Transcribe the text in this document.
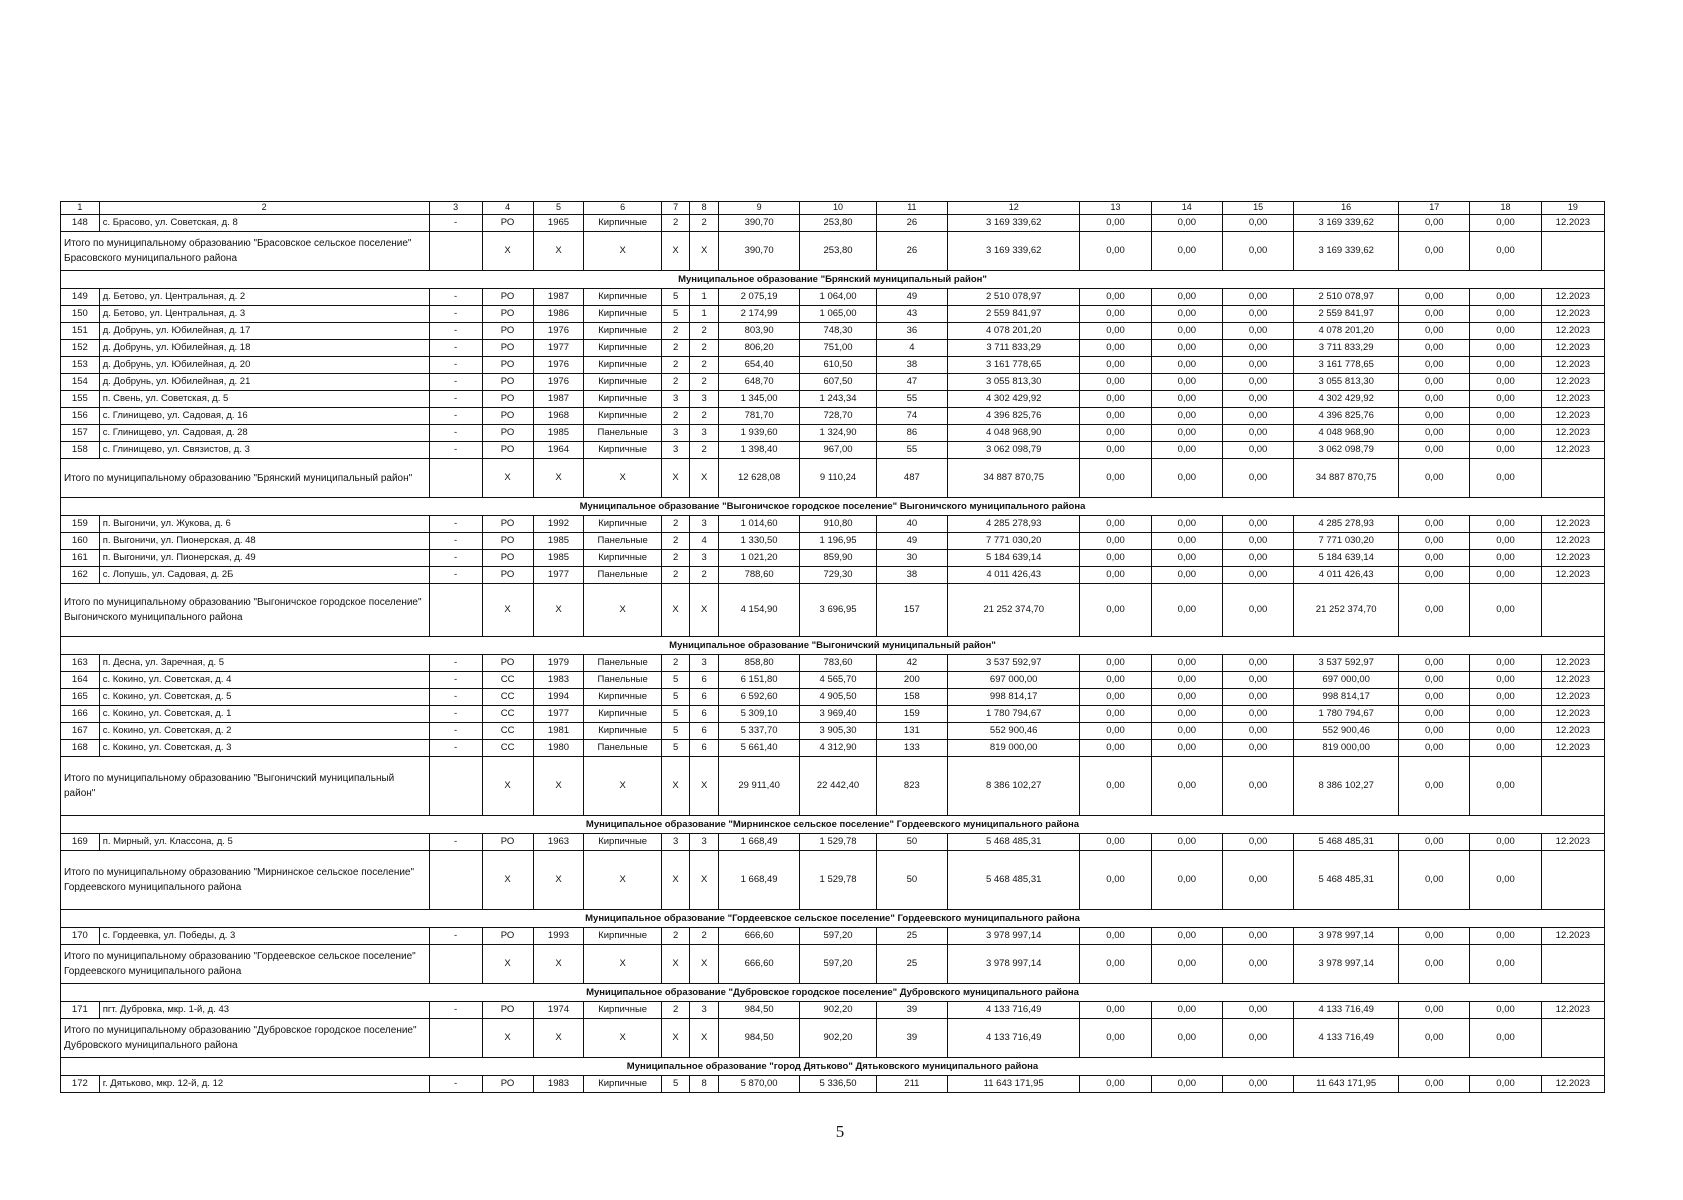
1	2	3	4	5	6	7	8	9	10	11	12	13	14	15	16	17	18	19
148	с. Брасово, ул. Советская, д. 8	-	РО	1965	Кирпичные	2	2	390,70	253,80	26	3 169 339,62	0,00	0,00	0,00	3 169 339,62	0,00	0,00	12.2023
Итого по муниципальному образованию "Брасовское сельское поселение" Брасовского муниципального района			Х	Х	Х	Х	Х	390,70	253,80	26	3 169 339,62	0,00	0,00	0,00	3 169 339,62	0,00	0,00	
Муниципальное образование "Брянский муниципальный район"																		
149	д. Бетово, ул. Центральная, д. 2	-	РО	1987	Кирпичные	5	1	2 075,19	1 064,00	49	2 510 078,97	0,00	0,00	0,00	2 510 078,97	0,00	0,00	12.2023
150	д. Бетово, ул. Центральная, д. 3	-	РО	1986	Кирпичные	5	1	2 174,99	1 065,00	43	2 559 841,97	0,00	0,00	0,00	2 559 841,97	0,00	0,00	12.2023
151	д. Добрунь, ул. Юбилейная, д. 17	-	РО	1976	Кирпичные	2	2	803,90	748,30	36	4 078 201,20	0,00	0,00	0,00	4 078 201,20	0,00	0,00	12.2023
152	д. Добрунь, ул. Юбилейная, д. 18	-	РО	1977	Кирпичные	2	2	806,20	751,00	4	3 711 833,29	0,00	0,00	0,00	3 711 833,29	0,00	0,00	12.2023
153	д. Добрунь, ул. Юбилейная, д. 20	-	РО	1976	Кирпичные	2	2	654,40	610,50	38	3 161 778,65	0,00	0,00	0,00	3 161 778,65	0,00	0,00	12.2023
154	д. Добрунь, ул. Юбилейная, д. 21	-	РО	1976	Кирпичные	2	2	648,70	607,50	47	3 055 813,30	0,00	0,00	0,00	3 055 813,30	0,00	0,00	12.2023
155	п. Свень, ул. Советская, д. 5	-	РО	1987	Кирпичные	3	3	1 345,00	1 243,34	55	4 302 429,92	0,00	0,00	0,00	4 302 429,92	0,00	0,00	12.2023
156	с. Глинищево, ул. Садовая, д. 16	-	РО	1968	Кирпичные	2	2	781,70	728,70	74	4 396 825,76	0,00	0,00	0,00	4 396 825,76	0,00	0,00	12.2023
157	с. Глинищево, ул. Садовая, д. 28	-	РО	1985	Панельные	3	3	1 939,60	1 324,90	86	4 048 968,90	0,00	0,00	0,00	4 048 968,90	0,00	0,00	12.2023
158	с. Глинищево, ул. Связистов, д. 3	-	РО	1964	Кирпичные	3	2	1 398,40	967,00	55	3 062 098,79	0,00	0,00	0,00	3 062 098,79	0,00	0,00	12.2023
Итого по муниципальному образованию "Брянский муниципальный район"			Х	Х	Х	Х	Х	12 628,08	9 110,24	487	34 887 870,75	0,00	0,00	0,00	34 887 870,75	0,00	0,00	
Муниципальное образование "Выгоничское городское поселение" Выгоничского муниципального района																		
159	п. Выгоничи, ул. Жукова, д. 6	-	РО	1992	Кирпичные	2	3	1 014,60	910,80	40	4 285 278,93	0,00	0,00	0,00	4 285 278,93	0,00	0,00	12.2023
160	п. Выгоничи, ул. Пионерская, д. 48	-	РО	1985	Панельные	2	4	1 330,50	1 196,95	49	7 771 030,20	0,00	0,00	0,00	7 771 030,20	0,00	0,00	12.2023
161	п. Выгоничи, ул. Пионерская, д. 49	-	РО	1985	Кирпичные	2	3	1 021,20	859,90	30	5 184 639,14	0,00	0,00	0,00	5 184 639,14	0,00	0,00	12.2023
162	с. Лопушь, ул. Садовая, д. 2Б	-	РО	1977	Панельные	2	2	788,60	729,30	38	4 011 426,43	0,00	0,00	0,00	4 011 426,43	0,00	0,00	12.2023
Итого по муниципальному образованию "Выгоничское городское поселение" Выгоничского муниципального района			Х	Х	Х	Х	Х	4 154,90	3 696,95	157	21 252 374,70	0,00	0,00	0,00	21 252 374,70	0,00	0,00	
Муниципальное образование "Выгоничский муниципальный район"																		
163	п. Десна, ул. Заречная, д. 5	-	РО	1979	Панельные	2	3	858,80	783,60	42	3 537 592,97	0,00	0,00	0,00	3 537 592,97	0,00	0,00	12.2023
164	с. Кокино, ул. Советская, д. 4	-	СС	1983	Панельные	5	6	6 151,80	4 565,70	200	697 000,00	0,00	0,00	0,00	697 000,00	0,00	0,00	12.2023
165	с. Кокино, ул. Советская, д. 5	-	СС	1994	Кирпичные	5	6	6 592,60	4 905,50	158	998 814,17	0,00	0,00	0,00	998 814,17	0,00	0,00	12.2023
166	с. Кокино, ул. Советская, д. 1	-	СС	1977	Кирпичные	5	6	5 309,10	3 969,40	159	1 780 794,67	0,00	0,00	0,00	1 780 794,67	0,00	0,00	12.2023
167	с. Кокино, ул. Советская, д. 2	-	СС	1981	Кирпичные	5	6	5 337,70	3 905,30	131	552 900,46	0,00	0,00	0,00	552 900,46	0,00	0,00	12.2023
168	с. Кокино, ул. Советская, д. 3	-	СС	1980	Панельные	5	6	5 661,40	4 312,90	133	819 000,00	0,00	0,00	0,00	819 000,00	0,00	0,00	12.2023
Итого по муниципальному образованию "Выгоничский муниципальный район"			Х	Х	Х	Х	Х	29 911,40	22 442,40	823	8 386 102,27	0,00	0,00	0,00	8 386 102,27	0,00	0,00	
Муниципальное образование "Мирнинское сельское поселение" Гордеевского муниципального района																		
169	п. Мирный, ул. Классона, д. 5	-	РО	1963	Кирпичные	3	3	1 668,49	1 529,78	50	5 468 485,31	0,00	0,00	0,00	5 468 485,31	0,00	0,00	12.2023
Итого по муниципальному образованию "Мирнинское сельское поселение" Гордеевского муниципального района			Х	Х	Х	Х	Х	1 668,49	1 529,78	50	5 468 485,31	0,00	0,00	0,00	5 468 485,31	0,00	0,00	
Муниципальное образование "Гордеевское сельское поселение" Гордеевского муниципального района																		
170	с. Гордеевка, ул. Победы, д. 3	-	РО	1993	Кирпичные	2	2	666,60	597,20	25	3 978 997,14	0,00	0,00	0,00	3 978 997,14	0,00	0,00	12.2023
Итого по муниципальному образованию "Гордеевское сельское поселение" Гордеевского муниципального района			Х	Х	Х	Х	Х	666,60	597,20	25	3 978 997,14	0,00	0,00	0,00	3 978 997,14	0,00	0,00	
Муниципальное образование "Дубровское городское поселение" Дубровского муниципального района																		
171	пгт. Дубровка, мкр. 1-й, д. 43	-	РО	1974	Кирпичные	2	3	984,50	902,20	39	4 133 716,49	0,00	0,00	0,00	4 133 716,49	0,00	0,00	12.2023
Итого по муниципальному образованию "Дубровское городское поселение" Дубровского муниципального района			Х	Х	Х	Х	Х	984,50	902,20	39	4 133 716,49	0,00	0,00	0,00	4 133 716,49	0,00	0,00	
Муниципальное образование "город Дятьково" Дятьковского муниципального района																		
172	г. Дятьково, мкр. 12-й, д. 12	-	РО	1983	Кирпичные	5	8	5 870,00	5 336,50	211	11 643 171,95	0,00	0,00	0,00	11 643 171,95	0,00	0,00	12.2023
5
